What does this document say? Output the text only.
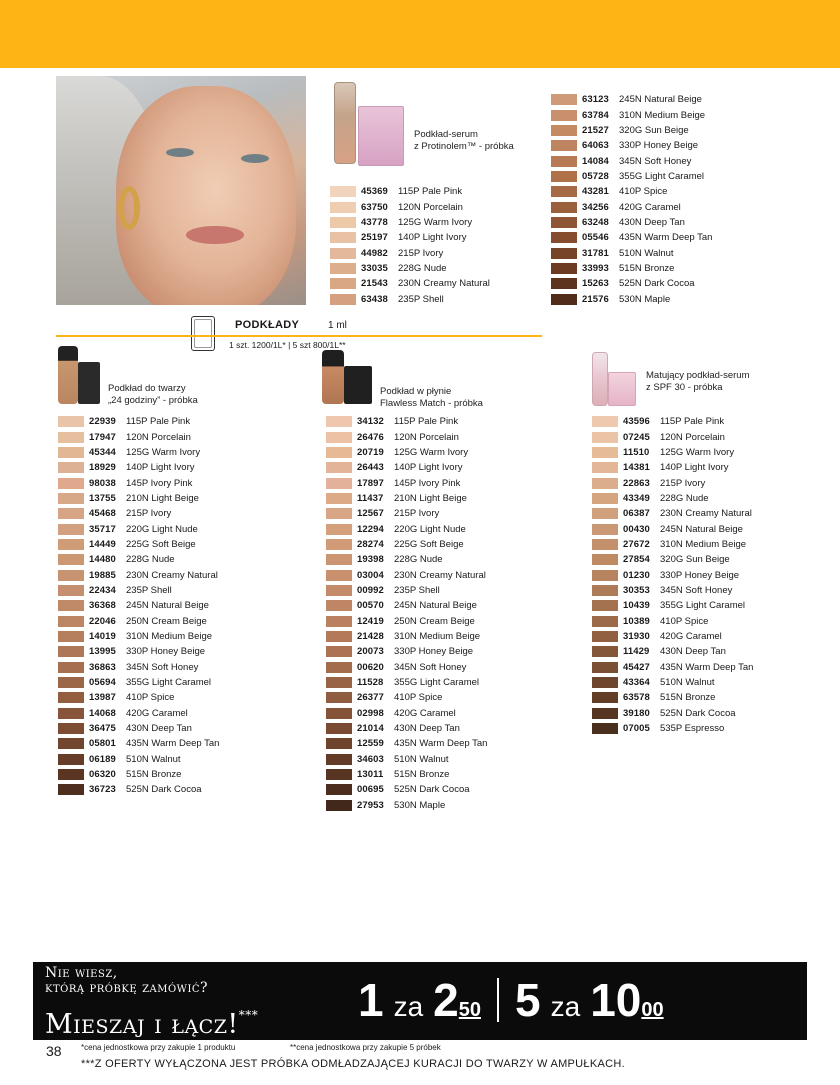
Podkład-serum
z Protinolem™ - próbka
45369	115P Pale Pink
63750	120N Porcelain
43778	125G Warm Ivory
25197	140P Light Ivory
44982	215P Ivory
33035	228G Nude
21543	230N Creamy Natural
63438	235P Shell
63123	245N Natural Beige
63784	310N Medium Beige
21527	320G Sun Beige
64063	330P Honey Beige
14084	345N Soft Honey
05728	355G Light Caramel
43281	410P Spice
34256	420G Caramel
63248	430N Deep Tan
05546	435N Warm Deep Tan
31781	510N Walnut
33993	515N Bronze
15263	525N Dark Cocoa
21576	530N Maple
PODKŁADY	1 ml
1 szt. 1200/1L* | 5 szt 800/1L**
Podkład do twarzy
„24 godziny” - próbka
Podkład w płynie
Flawless Match - próbka
Matujący podkład-serum
z SPF 30 - próbka
22939	115P Pale Pink
17947	120N Porcelain
45344	125G Warm Ivory
18929	140P Light Ivory
98038	145P Ivory Pink
13755	210N Light Beige
45468	215P Ivory
35717	220G Light Nude
14449	225G Soft Beige
14480	228G Nude
19885	230N Creamy Natural
22434	235P Shell
36368	245N Natural Beige
22046	250N Cream Beige
14019	310N Medium Beige
13995	330P Honey Beige
36863	345N Soft Honey
05694	355G Light Caramel
13987	410P Spice
14068	420G Caramel
36475	430N Deep Tan
05801	435N Warm Deep Tan
06189	510N Walnut
06320	515N Bronze
36723	525N Dark Cocoa
34132	115P Pale Pink
26476	120N Porcelain
20719	125G Warm Ivory
26443	140P Light Ivory
17897	145P Ivory Pink
11437	210N Light Beige
12567	215P Ivory
12294	220G Light Nude
28274	225G Soft Beige
19398	228G Nude
03004	230N Creamy Natural
00992	235P Shell
00570	245N Natural Beige
12419	250N Cream Beige
21428	310N Medium Beige
20073	330P Honey Beige
00620	345N Soft Honey
11528	355G Light Caramel
26377	410P Spice
02998	420G Caramel
21014	430N Deep Tan
12559	435N Warm Deep Tan
34603	510N Walnut
13011	515N Bronze
00695	525N Dark Cocoa
27953	530N Maple
43596	115P Pale Pink
07245	120N Porcelain
11510	125G Warm Ivory
14381	140P Light Ivory
22863	215P Ivory
43349	228G Nude
06387	230N Creamy Natural
00430	245N Natural Beige
27672	310N Medium Beige
27854	320G Sun Beige
01230	330P Honey Beige
30353	345N Soft Honey
10439	355G Light Caramel
10389	410P Spice
31930	420G Caramel
11429	430N Deep Tan
45427	435N Warm Deep Tan
43364	510N Walnut
63578	515N Bronze
39180	525N Dark Cocoa
07005	535P Espresso
Nie wiesz,
którą próbkę zamówić?
Mieszaj i łącz!*** 1 za 2 50 5 za 10 00
38 *cena jednostkowa przy zakupie 1 produktu	**cena jednostkowa przy zakupie 5 próbek
***Z OFERTY WYŁĄCZONA JEST PRÓBKA ODMŁADZAJĄCEJ KURACJI DO TWARZY W AMPUŁKACH.
